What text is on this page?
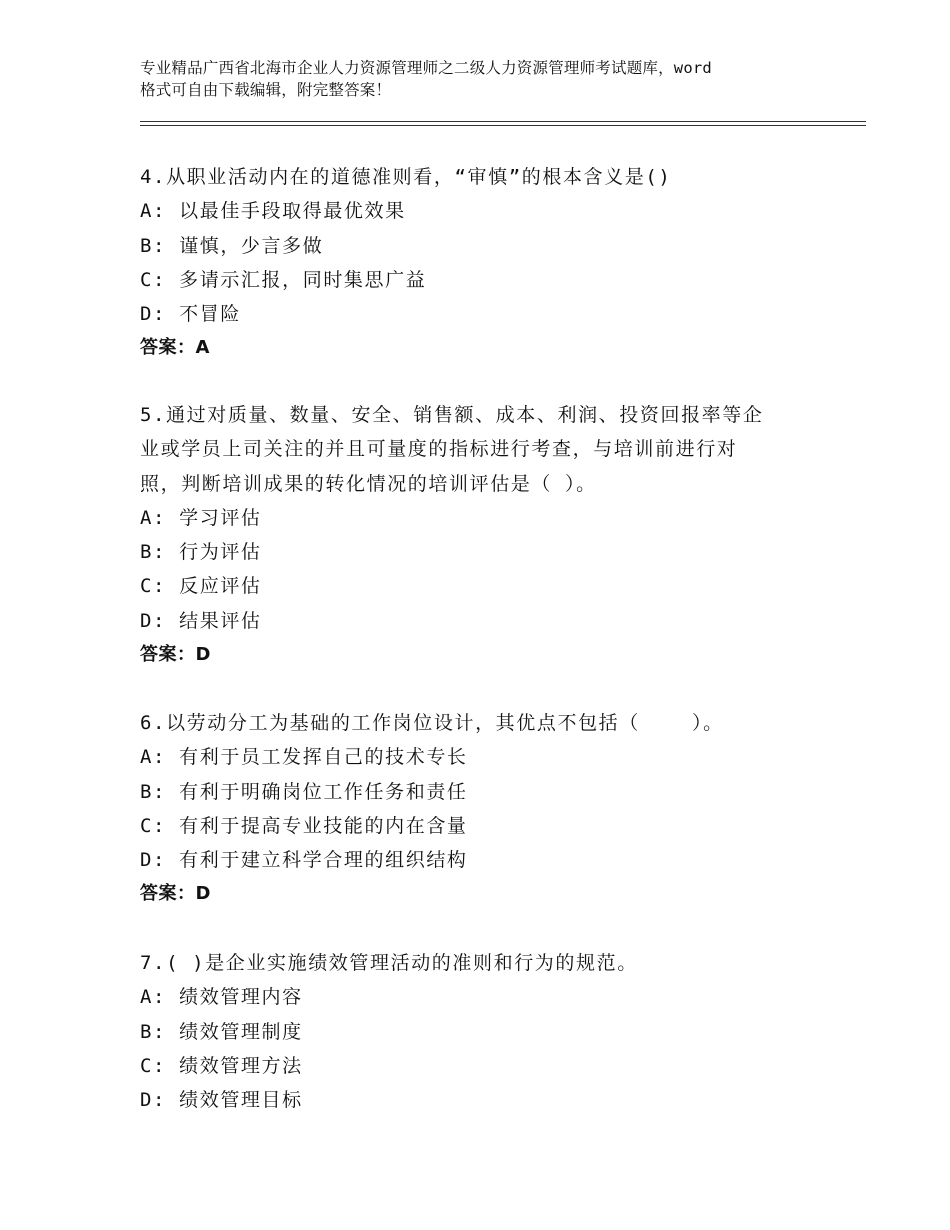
专业精品广西省北海市企业人力资源管理师之二级人力资源管理师考试题库，word
格式可自由下载编辑，附完整答案！

4.从职业活动内在的道德准则看，“审慎”的根本含义是()

A: 以最佳手段取得最优效果

B: 谨慎，少言多做

C: 多请示汇报，同时集思广益

D: 不冒险

答案：A

5.通过对质量、数量、安全、销售额、成本、利润、投资回报率等企

业或学员上司关注的并且可量度的指标进行考查，与培训前进行对

照，判断培训成果的转化情况的培训评估是（ ）。

A: 学习评估

B: 行为评估

C: 反应评估

D: 结果评估

答案：D

6.以劳动分工为基础的工作岗位设计，其优点不包括（    ）。

A: 有利于员工发挥自己的技术专长

B: 有利于明确岗位工作任务和责任

C: 有利于提高专业技能的内在含量

D: 有利于建立科学合理的组织结构

答案：D

7.( )是企业实施绩效管理活动的准则和行为的规范。

A: 绩效管理内容

B: 绩效管理制度

C: 绩效管理方法

D: 绩效管理目标
